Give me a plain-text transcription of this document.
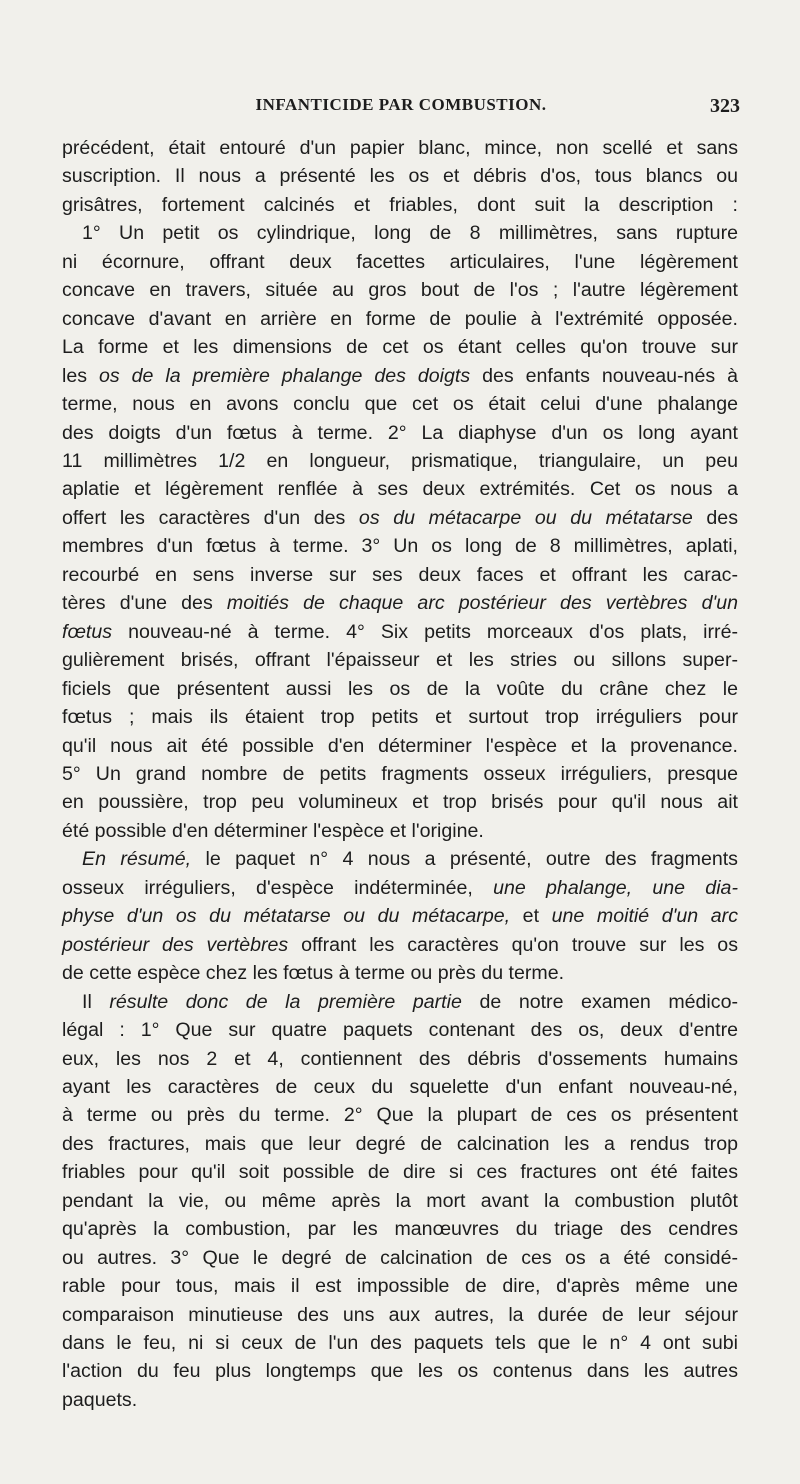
INFANTICIDE PAR COMBUSTION.	323
précédent, était entouré d'un papier blanc, mince, non scellé et sans
suscription. Il nous a présenté les os et débris d'os, tous blancs ou
grisâtres, fortement calcinés et friables, dont suit la description :
1° Un petit os cylindrique, long de 8 millimètres, sans rupture
ni écornure, offrant deux facettes articulaires, l'une légèrement
concave en travers, située au gros bout de l'os ; l'autre légèrement
concave d'avant en arrière en forme de poulie à l'extrémité opposée.
La forme et les dimensions de cet os étant celles qu'on trouve sur
les os de la première phalange des doigts des enfants nouveau-nés à
terme, nous en avons conclu que cet os était celui d'une phalange
des doigts d'un fœtus à terme. 2° La diaphyse d'un os long ayant
11 millimètres 1/2 en longueur, prismatique, triangulaire, un peu
aplatie et légèrement renflée à ses deux extrémités. Cet os nous a
offert les caractères d'un des os du métacarpe ou du métatarse des
membres d'un fœtus à terme. 3° Un os long de 8 millimètres, aplati,
recourbé en sens inverse sur ses deux faces et offrant les carac-
tères d'une des moitiés de chaque arc postérieur des vertèbres d'un
fœtus nouveau-né à terme. 4° Six petits morceaux d'os plats, irré-
gulièrement brisés, offrant l'épaisseur et les stries ou sillons super-
ficiels que présentent aussi les os de la voûte du crâne chez le
fœtus ; mais ils étaient trop petits et surtout trop irréguliers pour
qu'il nous ait été possible d'en déterminer l'espèce et la provenance.
5° Un grand nombre de petits fragments osseux irréguliers, presque
en poussière, trop peu volumineux et trop brisés pour qu'il nous ait
été possible d'en déterminer l'espèce et l'origine.
En résumé, le paquet n° 4 nous a présenté, outre des fragments
osseux irréguliers, d'espèce indéterminée, une phalange, une dia-
physe d'un os du métatarse ou du métacarpe, et une moitié d'un arc
postérieur des vertèbres offrant les caractères qu'on trouve sur les os
de cette espèce chez les fœtus à terme ou près du terme.
Il résulte donc de la première partie de notre examen médico-
légal : 1° Que sur quatre paquets contenant des os, deux d'entre
eux, les nos 2 et 4, contiennent des débris d'ossements humains
ayant les caractères de ceux du squelette d'un enfant nouveau-né,
à terme ou près du terme. 2° Que la plupart de ces os présentent
des fractures, mais que leur degré de calcination les a rendus trop
friables pour qu'il soit possible de dire si ces fractures ont été faites
pendant la vie, ou même après la mort avant la combustion plutôt
qu'après la combustion, par les manœuvres du triage des cendres
ou autres. 3° Que le degré de calcination de ces os a été considé-
rable pour tous, mais il est impossible de dire, d'après même une
comparaison minutieuse des uns aux autres, la durée de leur séjour
dans le feu, ni si ceux de l'un des paquets tels que le n° 4 ont subi
l'action du feu plus longtemps que les os contenus dans les autres
paquets.
